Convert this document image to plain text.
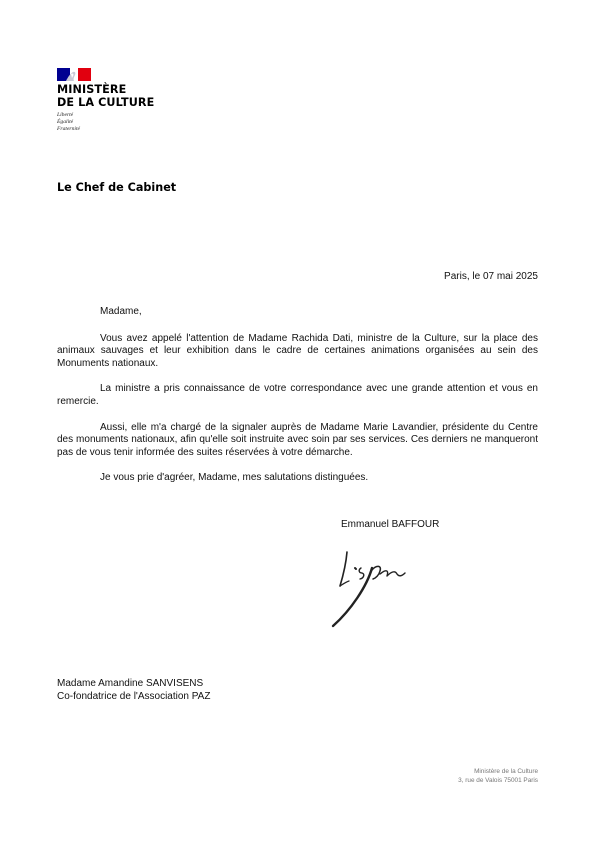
MINISTÈRE
DE LA CULTURE
Liberté
Égalité
Fraternité
Le Chef de Cabinet
Paris, le 07 mai 2025

Madame,

Vous avez appelé l'attention de Madame Rachida Dati, ministre de la Culture, sur la place des animaux sauvages et leur exhibition dans le cadre de certaines animations organisées au sein des Monuments nationaux.

La ministre a pris connaissance de votre correspondance avec une grande attention et vous en remercie.

Aussi, elle m'a chargé de la signaler auprès de Madame Marie Lavandier, présidente du Centre des monuments nationaux, afin qu'elle soit instruite avec soin par ses services. Ces derniers ne manqueront pas de vous tenir informée des suites réservées à votre démarche.

Je vous prie d'agréer, Madame, mes salutations distinguées.

Emmanuel BAFFOUR
Madame Amandine SANVISENS
Co-fondatrice de l'Association PAZ
Ministère de la Culture
3, rue de Valois 75001 Paris
